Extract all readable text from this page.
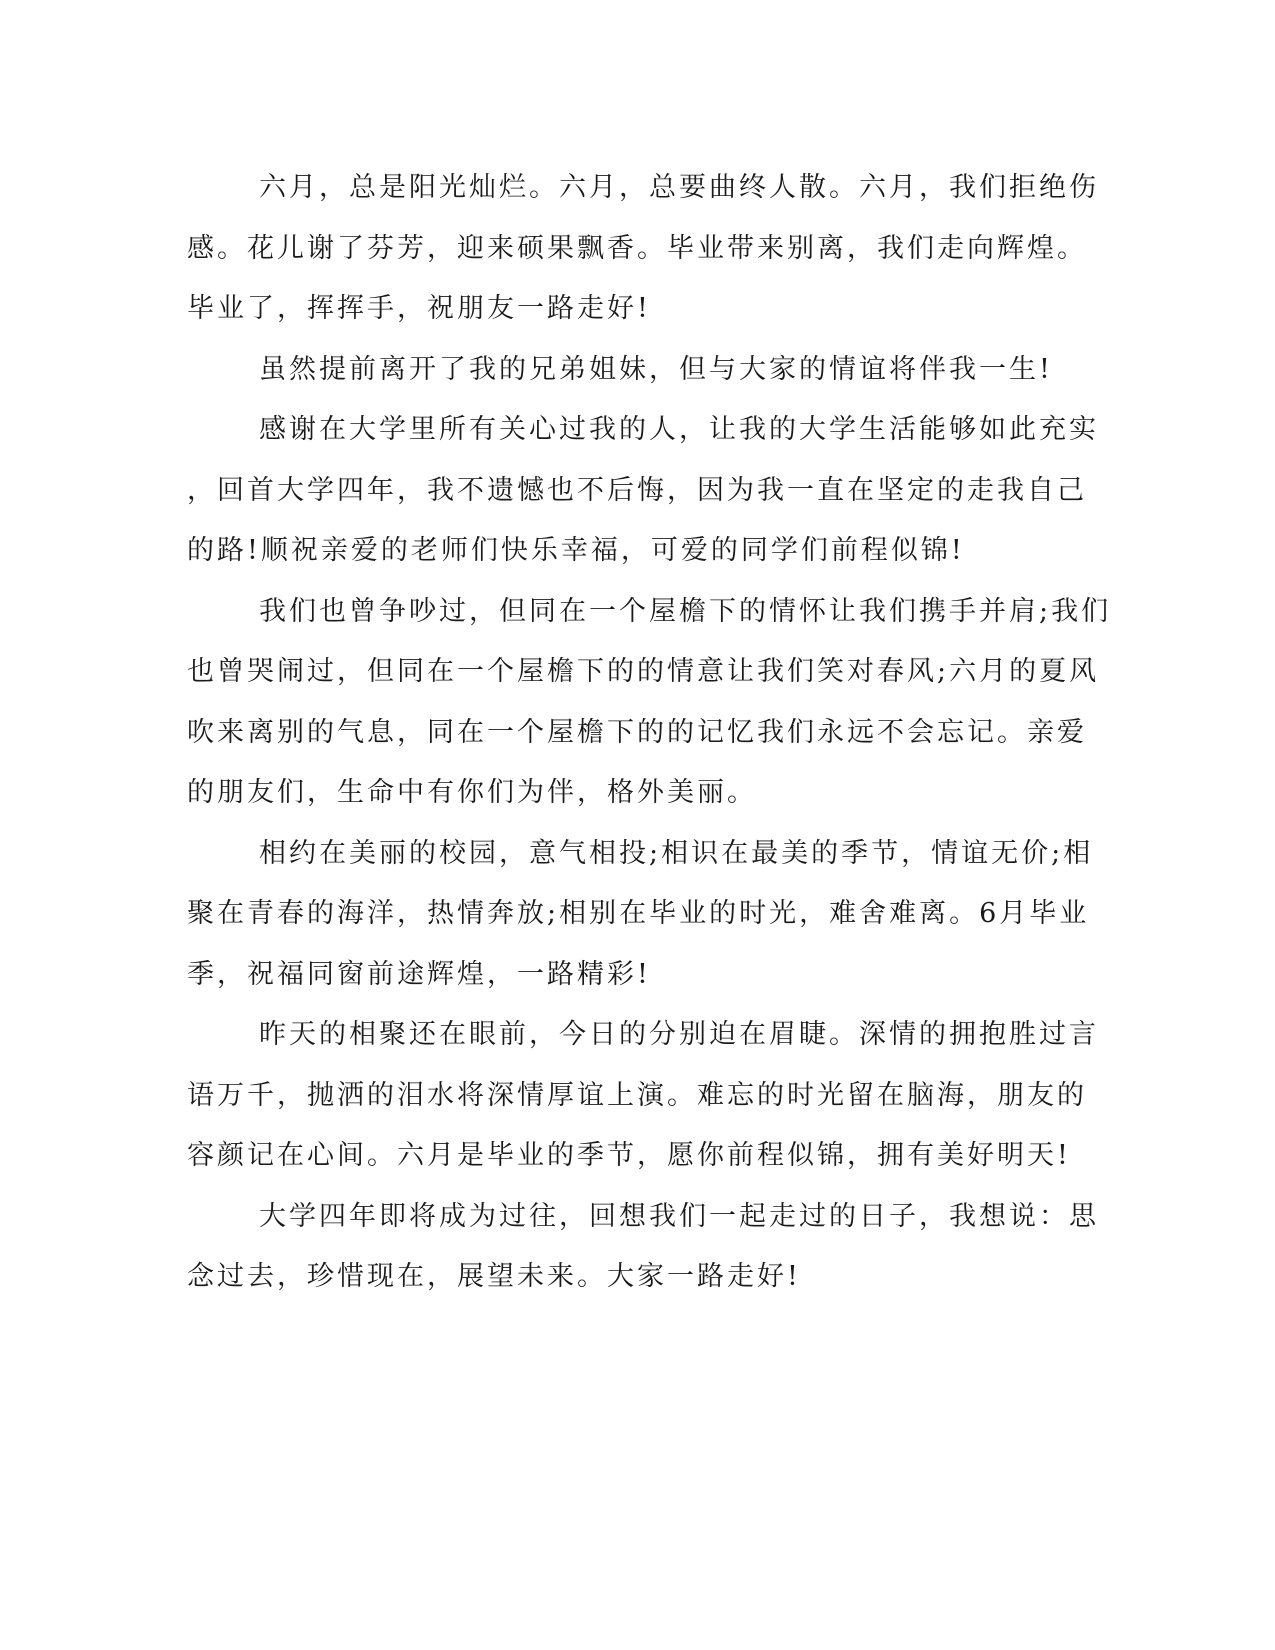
六月，总是阳光灿烂。六月，总要曲终人散。六月，我们拒绝伤
感。花儿谢了芬芳，迎来硕果飘香。毕业带来别离，我们走向辉煌。
毕业了，挥挥手，祝朋友一路走好!

虽然提前离开了我的兄弟姐妹，但与大家的情谊将伴我一生!

感谢在大学里所有关心过我的人，让我的大学生活能够如此充实
，回首大学四年，我不遗憾也不后悔，因为我一直在坚定的走我自己
的路!顺祝亲爱的老师们快乐幸福，可爱的同学们前程似锦!

我们也曾争吵过，但同在一个屋檐下的情怀让我们携手并肩;我们
也曾哭闹过，但同在一个屋檐下的的情意让我们笑对春风;六月的夏风
吹来离别的气息，同在一个屋檐下的的记忆我们永远不会忘记。亲爱
的朋友们，生命中有你们为伴，格外美丽。

相约在美丽的校园，意气相投;相识在最美的季节，情谊无价;相
聚在青春的海洋，热情奔放;相别在毕业的时光，难舍难离。6月毕业
季，祝福同窗前途辉煌，一路精彩!

昨天的相聚还在眼前，今日的分别迫在眉睫。深情的拥抱胜过言
语万千，抛洒的泪水将深情厚谊上演。难忘的时光留在脑海，朋友的
容颜记在心间。六月是毕业的季节，愿你前程似锦，拥有美好明天!

大学四年即将成为过往，回想我们一起走过的日子，我想说：思
念过去，珍惜现在，展望未来。大家一路走好!
